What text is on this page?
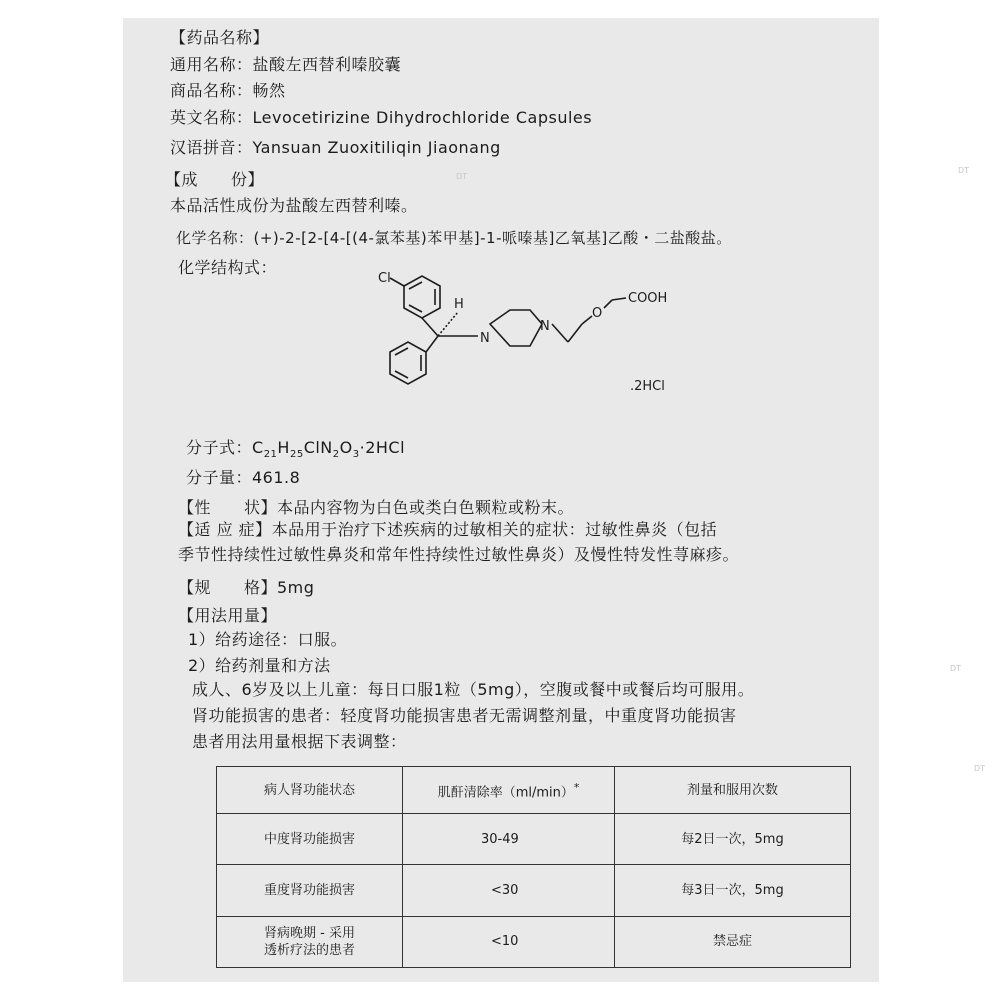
DT
DT
DT
DT
【药品名称】
通用名称：盐酸左西替利嗪胶囊
商品名称：畅然
英文名称：Levocetirizine Dihydrochloride Capsules
汉语拼音：Yansuan Zuoxitiliqin Jiaonang
【成　　份】
本品活性成份为盐酸左西替利嗪。
化学名称：(+)-2-[2-[4-[(4-氯苯基)苯甲基]-1-哌嗪基]乙氧基]乙酸・二盐酸盐。
化学结构式：
Cl
H
N
N
O
COOH
.2HCl
分子式：$C_{21}H_{25}ClN_2O_3\cdot 2HCl$
分子量：461.8
【性　　状】本品内容物为白色或类白色颗粒或粉末。
【适 应 症】本品用于治疗下述疾病的过敏相关的症状：过敏性鼻炎（包括
季节性持续性过敏性鼻炎和常年性持续性过敏性鼻炎）及慢性特发性荨麻疹。
【规　　格】5mg
【用法用量】
1）给药途径：口服。
2）给药剂量和方法
成人、6岁及以上儿童：每日口服1粒（5mg），空腹或餐中或餐后均可服用。
肾功能损害的患者：轻度肾功能损害患者无需调整剂量，中重度肾功能损害
患者用法用量根据下表调整：
病人肾功能状态	肌酐清除率（ml/min）*	剂量和服用次数
中度肾功能损害	30-49	每2日一次，5mg
重度肾功能损害	<30	每3日一次，5mg
肾病晚期 - 采用
透析疗法的患者	<10	禁忌症
